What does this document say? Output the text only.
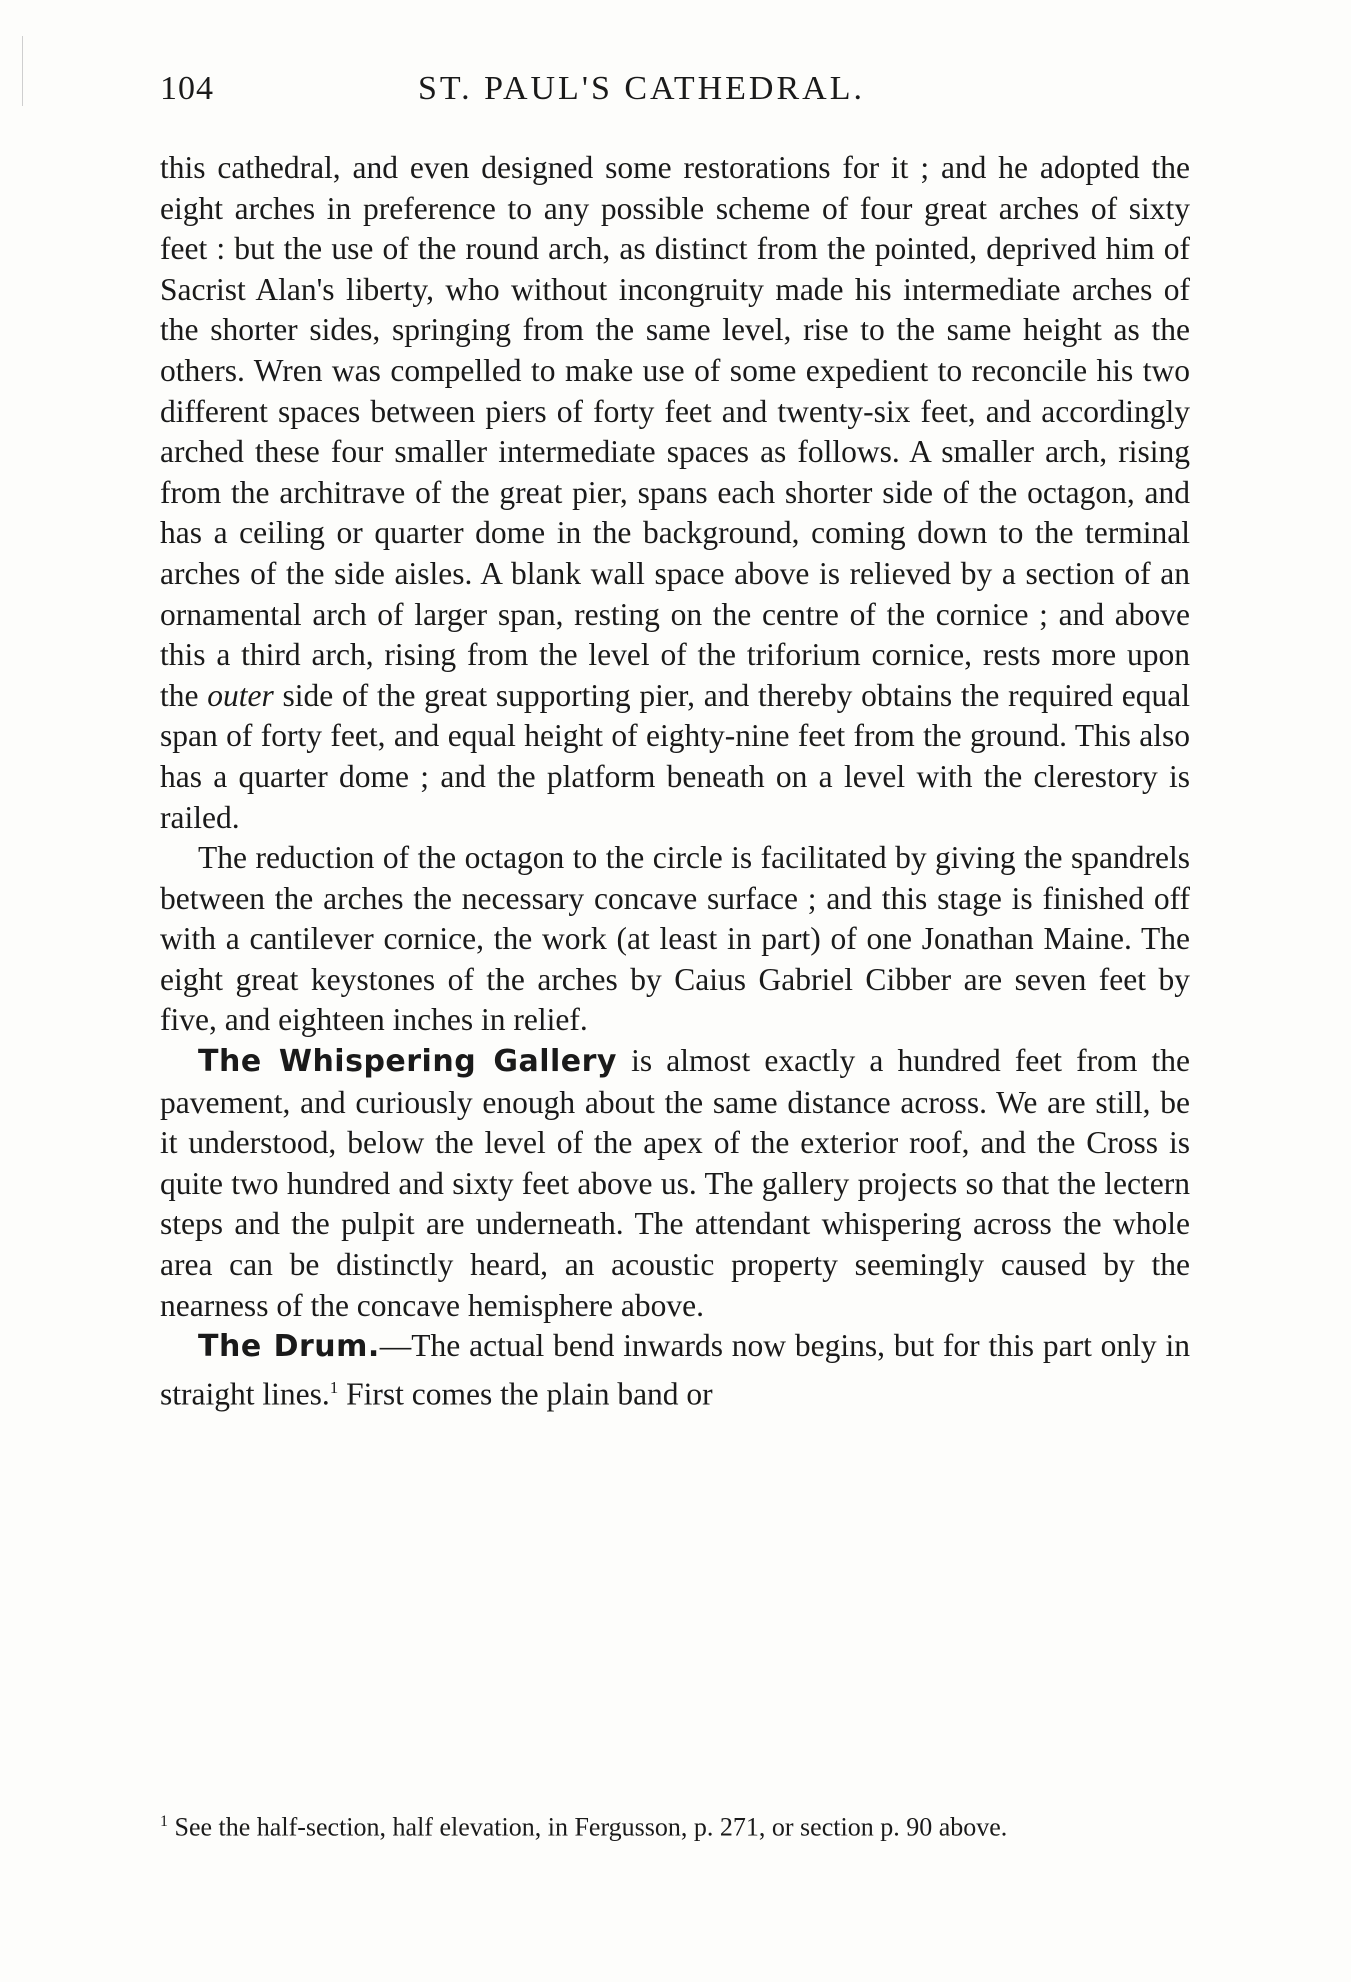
104	ST. PAUL'S CATHEDRAL.

this cathedral, and even designed some restorations for it ; and he adopted the eight arches in preference to any possible scheme of four great arches of sixty feet : but the use of the round arch, as distinct from the pointed, deprived him of Sacrist Alan's liberty, who without incongruity made his intermediate arches of the shorter sides, springing from the same level, rise to the same height as the others. Wren was compelled to make use of some expedient to reconcile his two different spaces between piers of forty feet and twenty-six feet, and accordingly arched these four smaller intermediate spaces as follows. A smaller arch, rising from the architrave of the great pier, spans each shorter side of the octagon, and has a ceiling or quarter dome in the background, coming down to the terminal arches of the side aisles. A blank wall space above is relieved by a section of an ornamental arch of larger span, resting on the centre of the cornice ; and above this a third arch, rising from the level of the triforium cornice, rests more upon the outer side of the great supporting pier, and thereby obtains the required equal span of forty feet, and equal height of eighty-nine feet from the ground. This also has a quarter dome ; and the platform beneath on a level with the clerestory is railed.

The reduction of the octagon to the circle is facilitated by giving the spandrels between the arches the necessary concave surface ; and this stage is finished off with a cantilever cornice, the work (at least in part) of one Jonathan Maine. The eight great keystones of the arches by Caius Gabriel Cibber are seven feet by five, and eighteen inches in relief.

The Whispering Gallery is almost exactly a hundred feet from the pavement, and curiously enough about the same distance across. We are still, be it understood, below the level of the apex of the exterior roof, and the Cross is quite two hundred and sixty feet above us. The gallery projects so that the lectern steps and the pulpit are underneath. The attendant whispering across the whole area can be distinctly heard, an acoustic property seemingly caused by the nearness of the concave hemisphere above.

The Drum.—The actual bend inwards now begins, but for this part only in straight lines.$^1$ First comes the plain band or

$^1$ See the half-section, half elevation, in Fergusson, p. 271, or section p. 90 above.
